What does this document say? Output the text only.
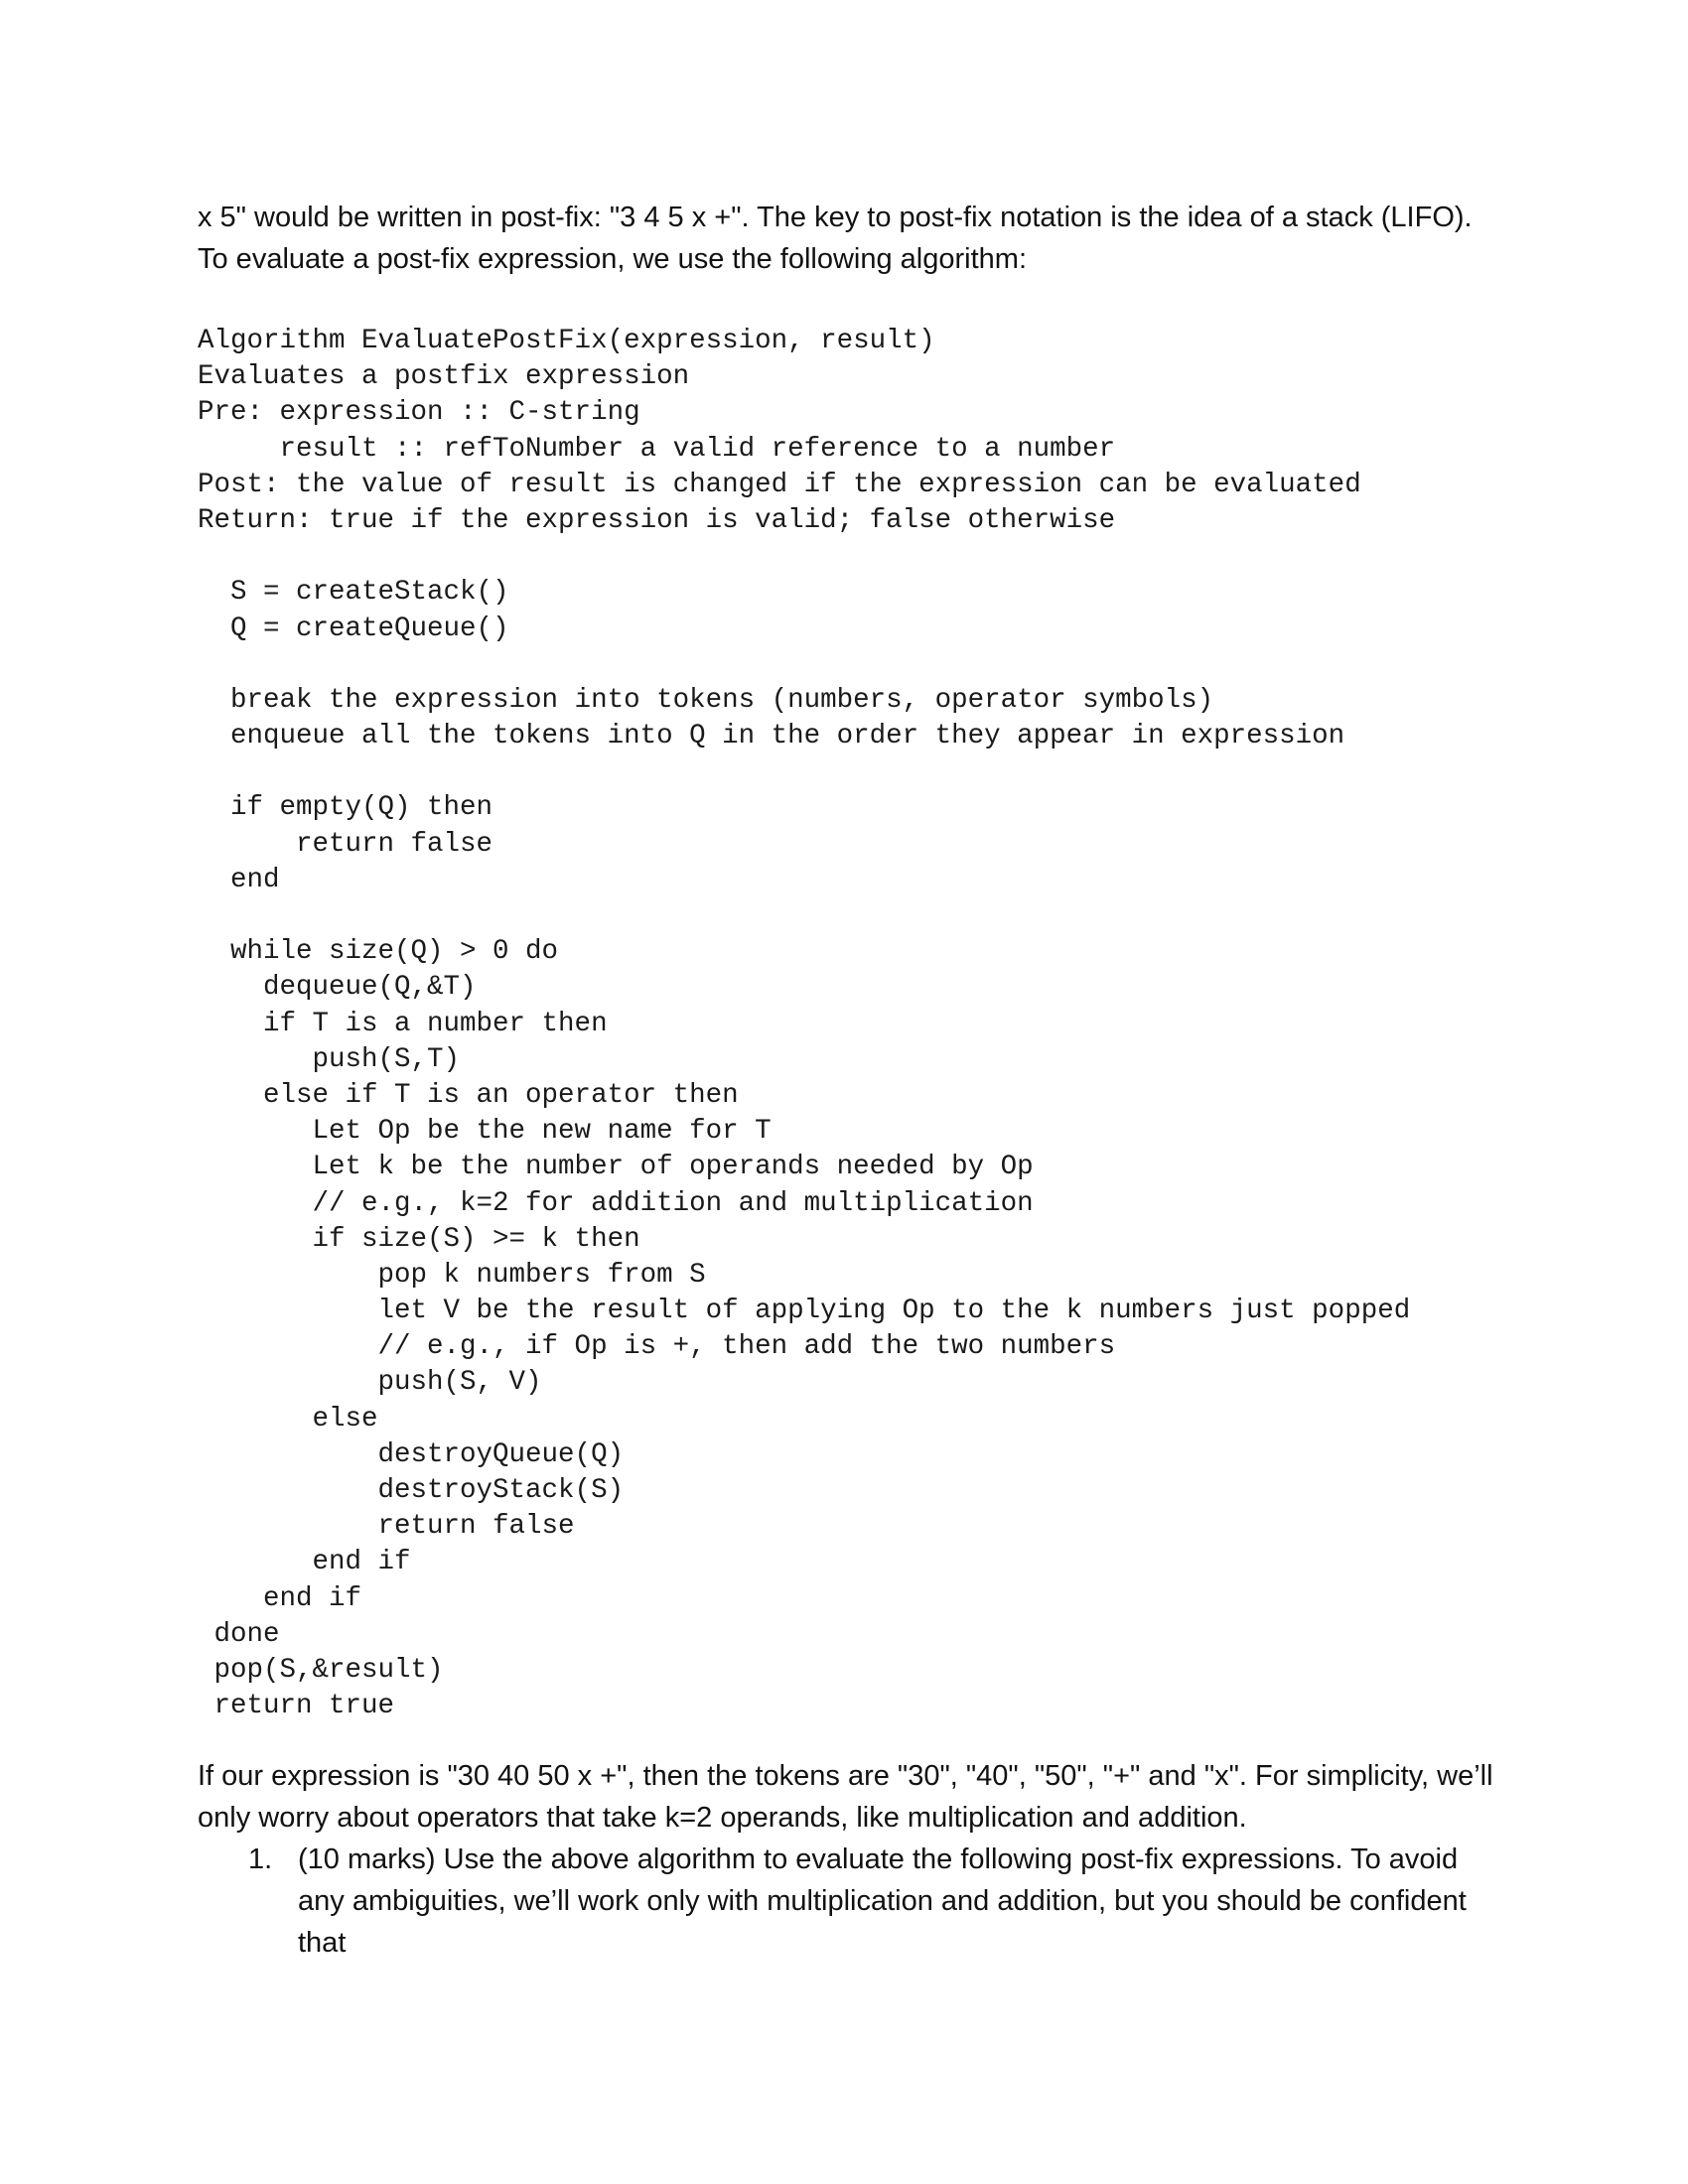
x 5" would be written in post-fix: "3 4 5 x +". The key to post-fix notation is the idea of a stack (LIFO). To evaluate a post-fix expression, we use the following algorithm:

Algorithm EvaluatePostFix(expression, result)
Evaluates a postfix expression
Pre: expression :: C-string
result :: refToNumber a valid reference to a number
Post: the value of result is changed if the expression can be evaluated
Return: true if the expression is valid; false otherwise
S = createStack()
Q = createQueue()
break the expression into tokens (numbers, operator symbols)
enqueue all the tokens into Q in the order they appear in expression
if empty(Q) then
return false
end
while size(Q) > 0 do
dequeue(Q,&T)
if T is a number then
push(S,T)
else if T is an operator then
Let Op be the new name for T
Let k be the number of operands needed by Op
// e.g., k=2 for addition and multiplication
if size(S) >= k then
pop k numbers from S
let V be the result of applying Op to the k numbers just popped
// e.g., if Op is +, then add the two numbers
push(S, V)
else
destroyQueue(Q)
destroyStack(S)
return false
end if
end if
done
pop(S,&result)
return true

If our expression is "30 40 50 x +", then the tokens are "30", "40", "50", "+" and "x". For simplicity, we’ll only worry about operators that take k=2 operands, like multiplication and addition.

1. (10 marks) Use the above algorithm to evaluate the following post-fix expressions. To avoid any ambiguities, we’ll work only with multiplication and addition, but you should be confident that
